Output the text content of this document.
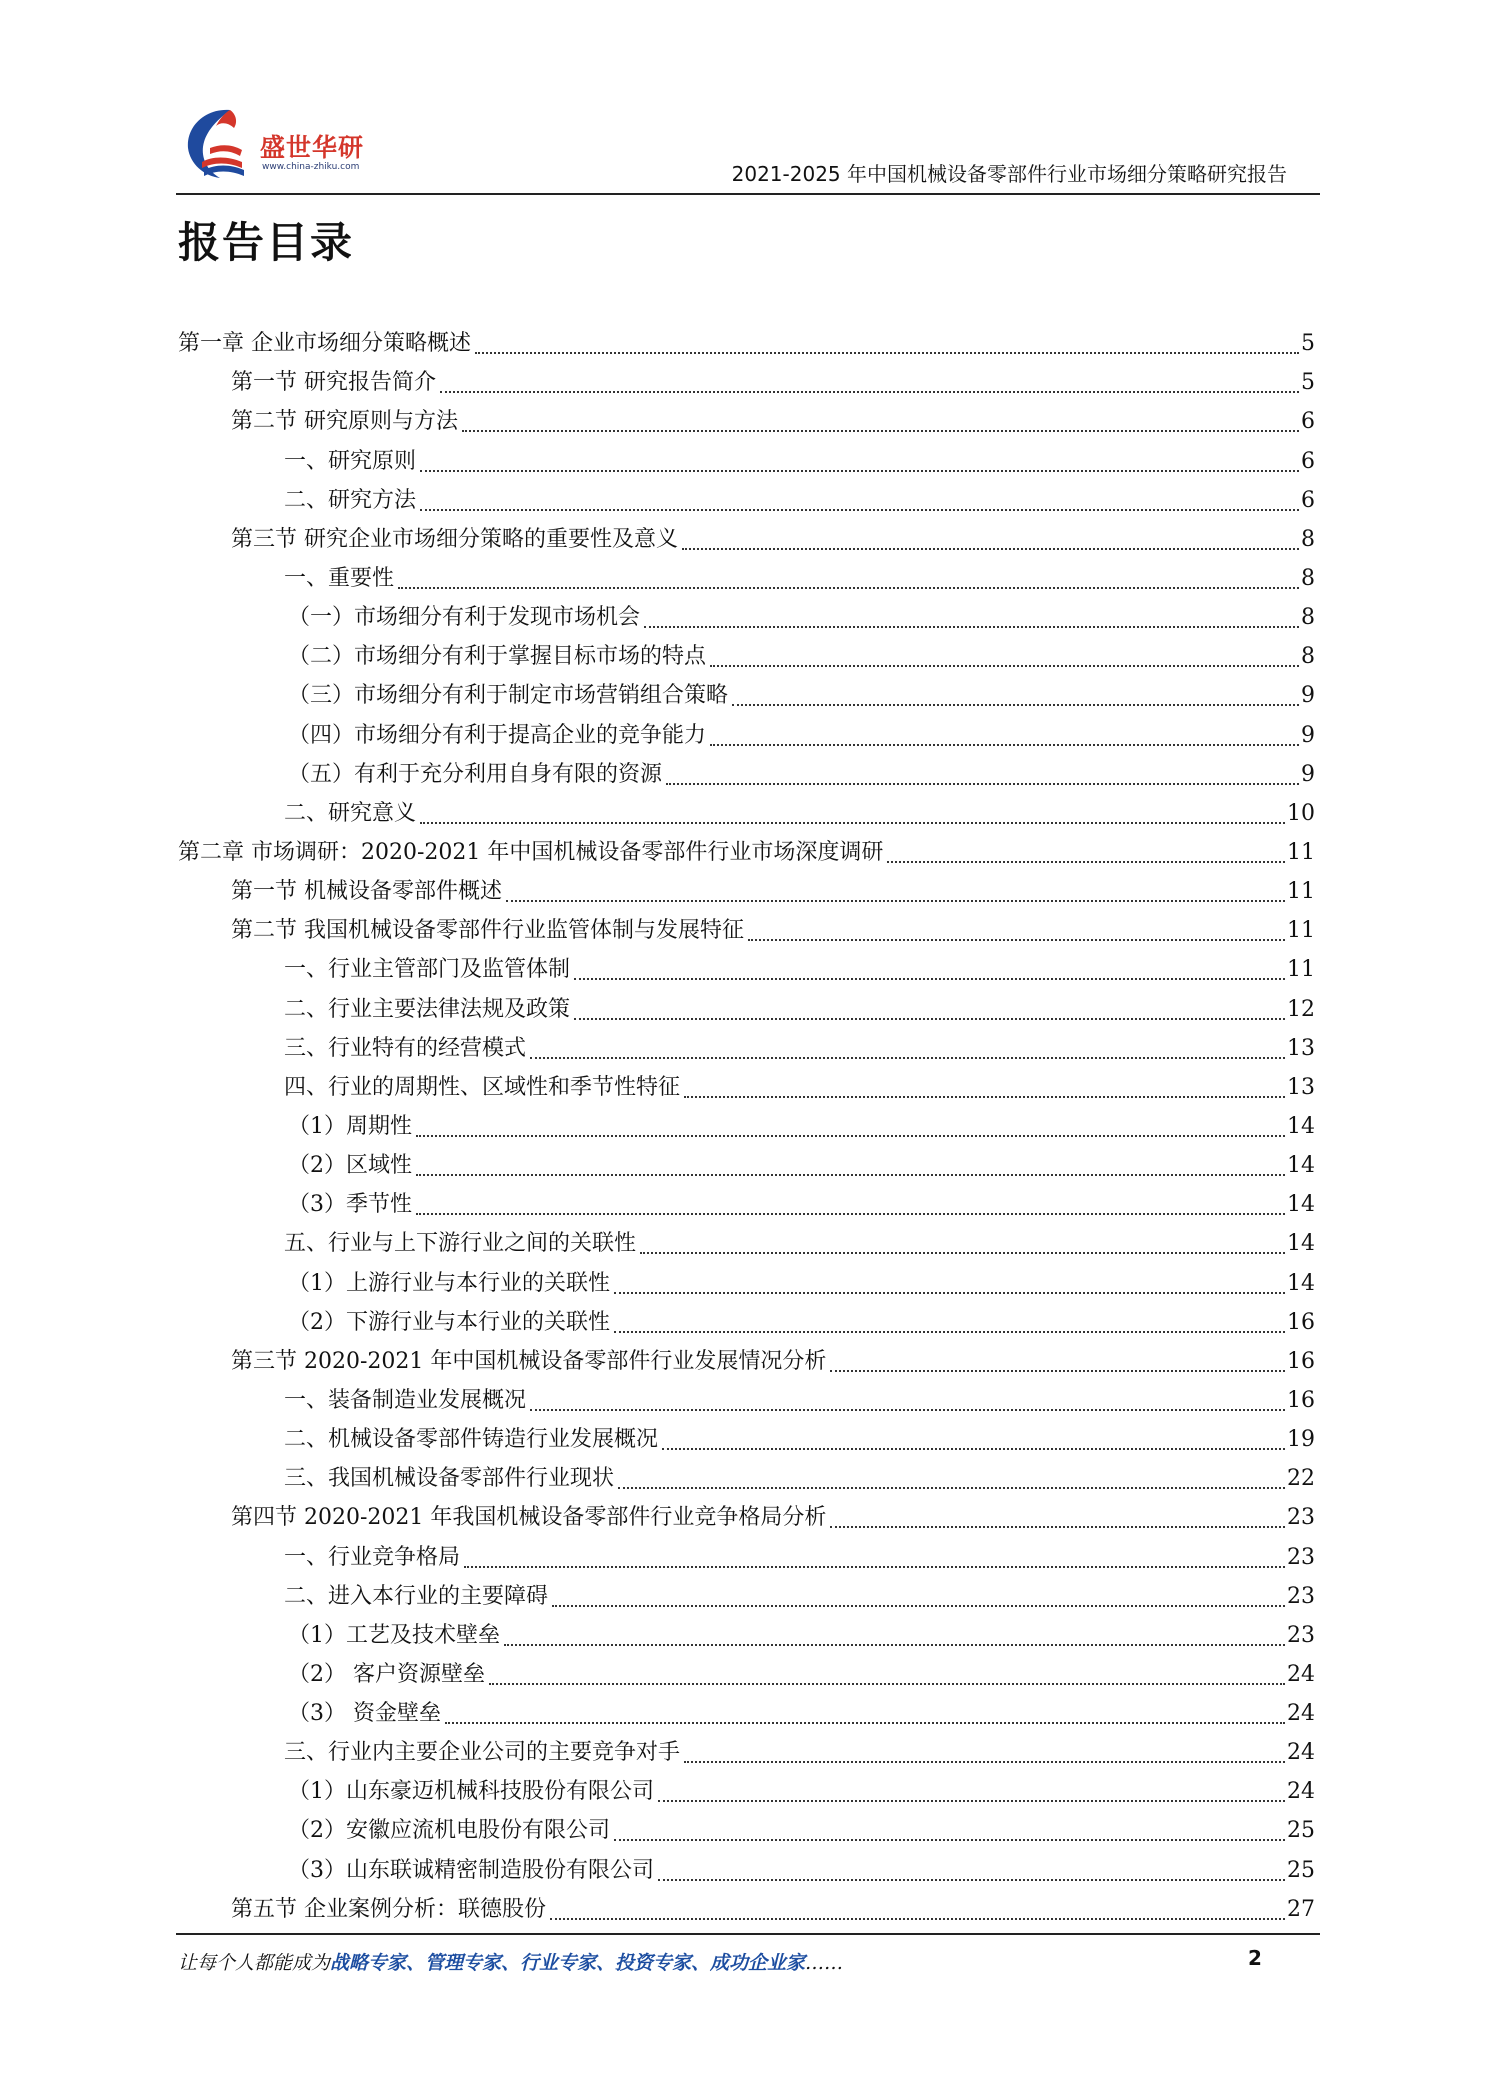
盛世华研
www.china-zhiku.com	2021-2025 年中国机械设备零部件行业市场细分策略研究报告
报告目录
第一章 企业市场细分策略概述	5
第一节 研究报告简介	5
第二节 研究原则与方法	6
一、研究原则	6
二、研究方法	6
第三节 研究企业市场细分策略的重要性及意义	8
一、重要性	8
（一）市场细分有利于发现市场机会	8
（二）市场细分有利于掌握目标市场的特点	8
（三）市场细分有利于制定市场营销组合策略	9
（四）市场细分有利于提高企业的竞争能力	9
（五）有利于充分利用自身有限的资源	9
二、研究意义	10
第二章 市场调研：2020-2021 年中国机械设备零部件行业市场深度调研	11
第一节 机械设备零部件概述	11
第二节 我国机械设备零部件行业监管体制与发展特征	11
一、行业主管部门及监管体制	11
二、行业主要法律法规及政策	12
三、行业特有的经营模式	13
四、行业的周期性、区域性和季节性特征	13
（1）周期性	14
（2）区域性	14
（3）季节性	14
五、行业与上下游行业之间的关联性	14
（1）上游行业与本行业的关联性	14
（2）下游行业与本行业的关联性	16
第三节 2020-2021 年中国机械设备零部件行业发展情况分析	16
一、装备制造业发展概况	16
二、机械设备零部件铸造行业发展概况	19
三、我国机械设备零部件行业现状	22
第四节 2020-2021 年我国机械设备零部件行业竞争格局分析	23
一、行业竞争格局	23
二、进入本行业的主要障碍	23
（1）工艺及技术壁垒	23
（2） 客户资源壁垒	24
（3） 资金壁垒	24
三、行业内主要企业公司的主要竞争对手	24
（1）山东豪迈机械科技股份有限公司	24
（2）安徽应流机电股份有限公司	25
（3）山东联诚精密制造股份有限公司	25
第五节 企业案例分析：联德股份	27
让每个人都能成为战略专家、管理专家、行业专家、投资专家、成功企业家……	2
